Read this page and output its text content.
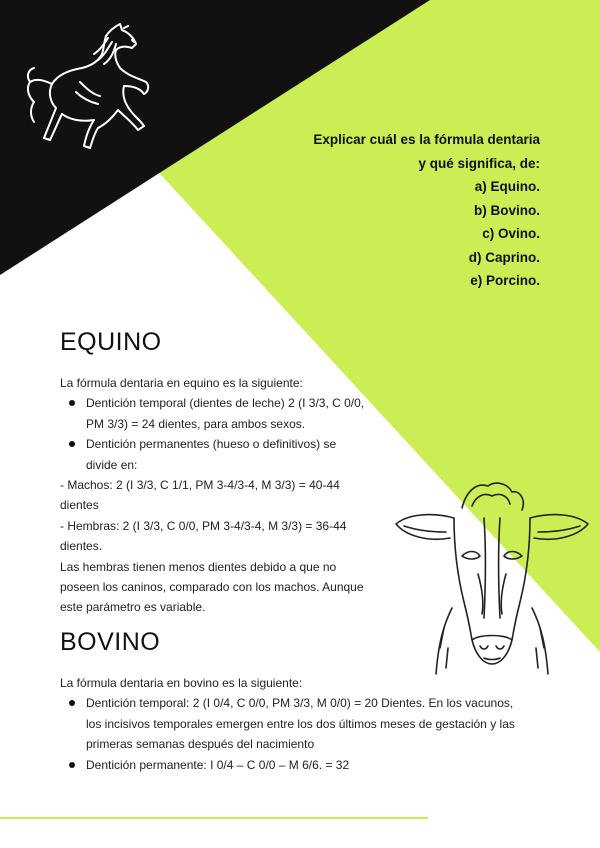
Explicar cuál es la fórmula dentaria
y qué significa, de:
a) Equino.
b) Bovino.
c) Ovino.
d) Caprino.
e) Porcino.
EQUINO

La fórmula dentaria en equino es la siguiente:

Dentición temporal (dientes de leche) 2 (I 3/3, C 0/0, PM 3/3) = 24 dientes, para ambos sexos.
Dentición permanentes (hueso o definitivos) se divide en:

- Machos: 2 (I 3/3, C 1/1, PM 3-4/3-4, M 3/3) = 40-44 dientes

- Hembras: 2 (I 3/3, C 0/0, PM 3-4/3-4, M 3/3) = 36-44 dientes.

Las hembras tienen menos dientes debido a que no poseen los caninos, comparado con los machos. Aunque este parámetro es variable.

BOVINO

La fórmula dentaria en bovino es la siguiente:

Dentición temporal: 2 (I 0/4, C 0/0, PM 3/3, M 0/0) = 20 Dientes. En los vacunos, los incisivos temporales emergen entre los dos últimos meses de gestación y las primeras semanas después del nacimiento
Dentición permanente: I 0/4 – C 0/0 – M 6/6. = 32
